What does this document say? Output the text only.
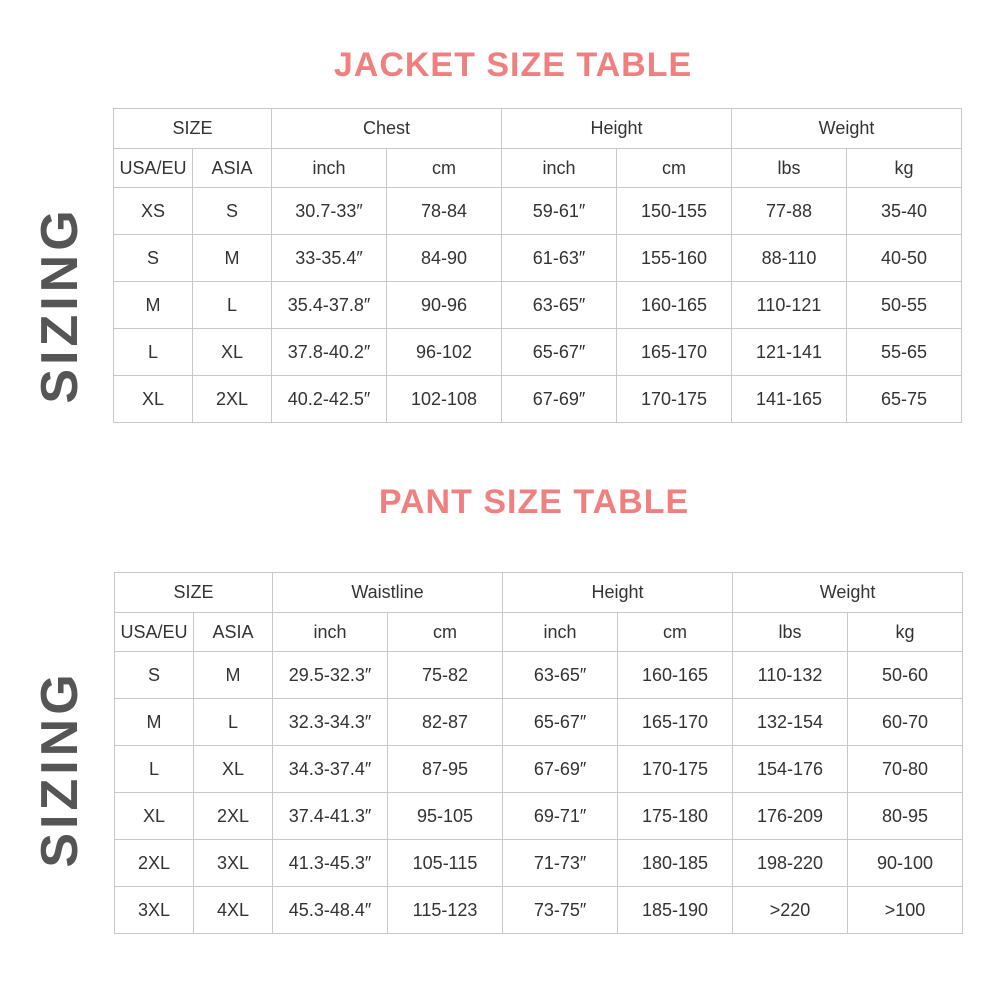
JACKET SIZE TABLE
SIZING
SIZE		Chest		Height		Weight	
USA/EU	ASIA	inch	cm	inch	cm	lbs	kg
XS	S	30.7-33″	78-84	59-61″	150-155	77-88	35-40
S	M	33-35.4″	84-90	61-63″	155-160	88-110	40-50
M	L	35.4-37.8″	90-96	63-65″	160-165	110-121	50-55
L	XL	37.8-40.2″	96-102	65-67″	165-170	121-141	55-65
XL	2XL	40.2-42.5″	102-108	67-69″	170-175	141-165	65-75
PANT SIZE TABLE
SIZING
SIZE		Waistline		Height		Weight	
USA/EU	ASIA	inch	cm	inch	cm	lbs	kg
S	M	29.5-32.3″	75-82	63-65″	160-165	110-132	50-60
M	L	32.3-34.3″	82-87	65-67″	165-170	132-154	60-70
L	XL	34.3-37.4″	87-95	67-69″	170-175	154-176	70-80
XL	2XL	37.4-41.3″	95-105	69-71″	175-180	176-209	80-95
2XL	3XL	41.3-45.3″	105-115	71-73″	180-185	198-220	90-100
3XL	4XL	45.3-48.4″	115-123	73-75″	185-190	>220	>100
